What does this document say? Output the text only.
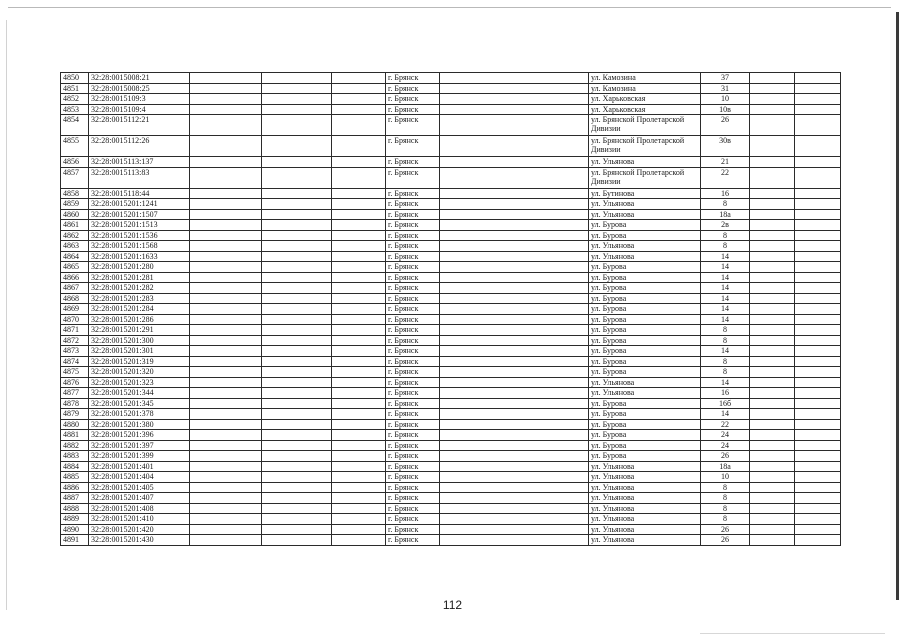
4850	32:28:0015008:21				г. Брянск		ул. Камозина	37		
4851	32:28:0015008:25				г. Брянск		ул. Камозина	31		
4852	32:28:0015109:3				г. Брянск		ул. Харьковская	10		
4853	32:28:0015109:4				г. Брянск		ул. Харьковская	10в		
4854	32:28:0015112:21				г. Брянск		ул. Брянской Пролетарской Дивизии	26		
4855	32:28:0015112:26				г. Брянск		ул. Брянской Пролетарской Дивизии	30в		
4856	32:28:0015113:137				г. Брянск		ул. Ульянова	21		
4857	32:28:0015113:83				г. Брянск		ул. Брянской Пролетарской Дивизии	22		
4858	32:28:0015118:44				г. Брянск		ул. Бутинова	16		
4859	32:28:0015201:1241				г. Брянск		ул. Ульянова	8		
4860	32:28:0015201:1507				г. Брянск		ул. Ульянова	18а		
4861	32:28:0015201:1513				г. Брянск		ул. Бурова	2в		
4862	32:28:0015201:1536				г. Брянск		ул. Бурова	8		
4863	32:28:0015201:1568				г. Брянск		ул. Ульянова	8		
4864	32:28:0015201:1633				г. Брянск		ул. Ульянова	14		
4865	32:28:0015201:280				г. Брянск		ул. Бурова	14		
4866	32:28:0015201:281				г. Брянск		ул. Бурова	14		
4867	32:28:0015201:282				г. Брянск		ул. Бурова	14		
4868	32:28:0015201:283				г. Брянск		ул. Бурова	14		
4869	32:28:0015201:284				г. Брянск		ул. Бурова	14		
4870	32:28:0015201:286				г. Брянск		ул. Бурова	14		
4871	32:28:0015201:291				г. Брянск		ул. Бурова	8		
4872	32:28:0015201:300				г. Брянск		ул. Бурова	8		
4873	32:28:0015201:301				г. Брянск		ул. Бурова	14		
4874	32:28:0015201:319				г. Брянск		ул. Бурова	8		
4875	32:28:0015201:320				г. Брянск		ул. Бурова	8		
4876	32:28:0015201:323				г. Брянск		ул. Ульянова	14		
4877	32:28:0015201:344				г. Брянск		ул. Ульянова	16		
4878	32:28:0015201:345				г. Брянск		ул. Бурова	16б		
4879	32:28:0015201:378				г. Брянск		ул. Бурова	14		
4880	32:28:0015201:380				г. Брянск		ул. Бурова	22		
4881	32:28:0015201:396				г. Брянск		ул. Бурова	24		
4882	32:28:0015201:397				г. Брянск		ул. Бурова	24		
4883	32:28:0015201:399				г. Брянск		ул. Бурова	26		
4884	32:28:0015201:401				г. Брянск		ул. Ульянова	18а		
4885	32:28:0015201:404				г. Брянск		ул. Ульянова	10		
4886	32:28:0015201:405				г. Брянск		ул. Ульянова	8		
4887	32:28:0015201:407				г. Брянск		ул. Ульянова	8		
4888	32:28:0015201:408				г. Брянск		ул. Ульянова	8		
4889	32:28:0015201:410				г. Брянск		ул. Ульянова	8		
4890	32:28:0015201:420				г. Брянск		ул. Ульянова	26		
4891	32:28:0015201:430				г. Брянск		ул. Ульянова	26		
112
